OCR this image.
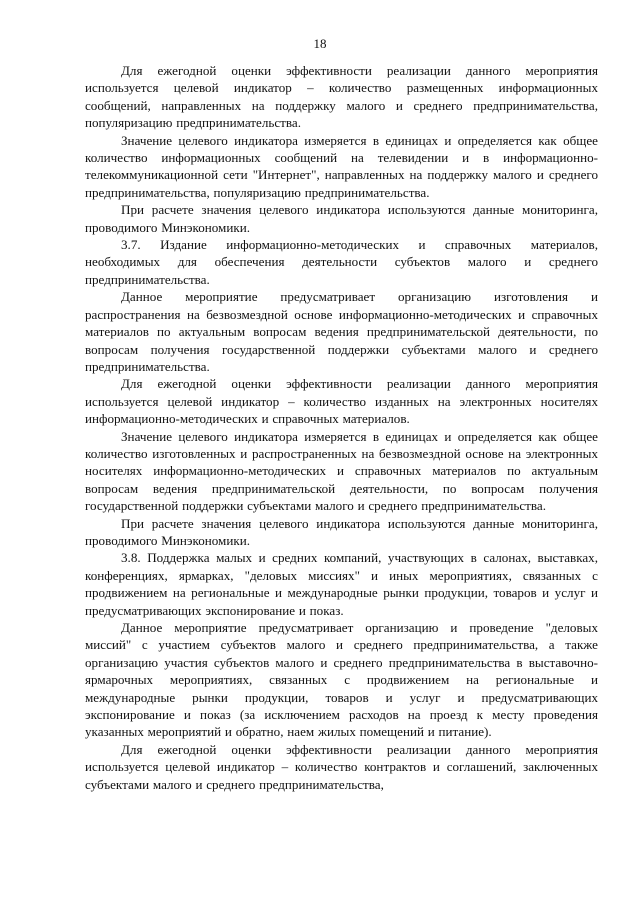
18

Для ежегодной оценки эффективности реализации данного мероприятия используется целевой индикатор – количество размещенных информационных сообщений, направленных на поддержку малого и среднего предпринимательства, популяризацию предпринимательства.

Значение целевого индикатора измеряется в единицах и определяется как общее количество информационных сообщений на телевидении и в информационно-телекоммуникационной сети "Интернет", направленных на поддержку малого и среднего предпринимательства, популяризацию предпринимательства.

При расчете значения целевого индикатора используются данные мониторинга, проводимого Минэкономики.

3.7. Издание информационно-методических и справочных материалов, необходимых для обеспечения деятельности субъектов малого и среднего предпринимательства.

Данное мероприятие предусматривает организацию изготовления и распространения на безвозмездной основе информационно-методических и справочных материалов по актуальным вопросам ведения предпринимательской деятельности, по вопросам получения государственной поддержки субъектами малого и среднего предпринимательства.

Для ежегодной оценки эффективности реализации данного мероприятия используется целевой индикатор – количество изданных на электронных носителях информационно-методических и справочных материалов.

Значение целевого индикатора измеряется в единицах и определяется как общее количество изготовленных и распространенных на безвозмездной основе на электронных носителях информационно-методических и справочных материалов по актуальным вопросам ведения предпринимательской деятельности, по вопросам получения государственной поддержки субъектами малого и среднего предпринимательства.

При расчете значения целевого индикатора используются данные мониторинга, проводимого Минэкономики.

3.8. Поддержка малых и средних компаний, участвующих в салонах, выставках, конференциях, ярмарках, "деловых миссиях" и иных мероприятиях, связанных с продвижением на региональные и международные рынки продукции, товаров и услуг и предусматривающих экспонирование и показ.

Данное мероприятие предусматривает организацию и проведение "деловых миссий" с участием субъектов малого и среднего предпринимательства, а также организацию участия субъектов малого и среднего предпринимательства в выставочно-ярмарочных мероприятиях, связанных с продвижением на региональные и международные рынки продукции, товаров и услуг и предусматривающих экспонирование и показ (за исключением расходов на проезд к месту проведения указанных мероприятий и обратно, наем жилых помещений и питание).

Для ежегодной оценки эффективности реализации данного мероприятия используется целевой индикатор – количество контрактов и соглашений, заключенных субъектами малого и среднего предпринимательства,
